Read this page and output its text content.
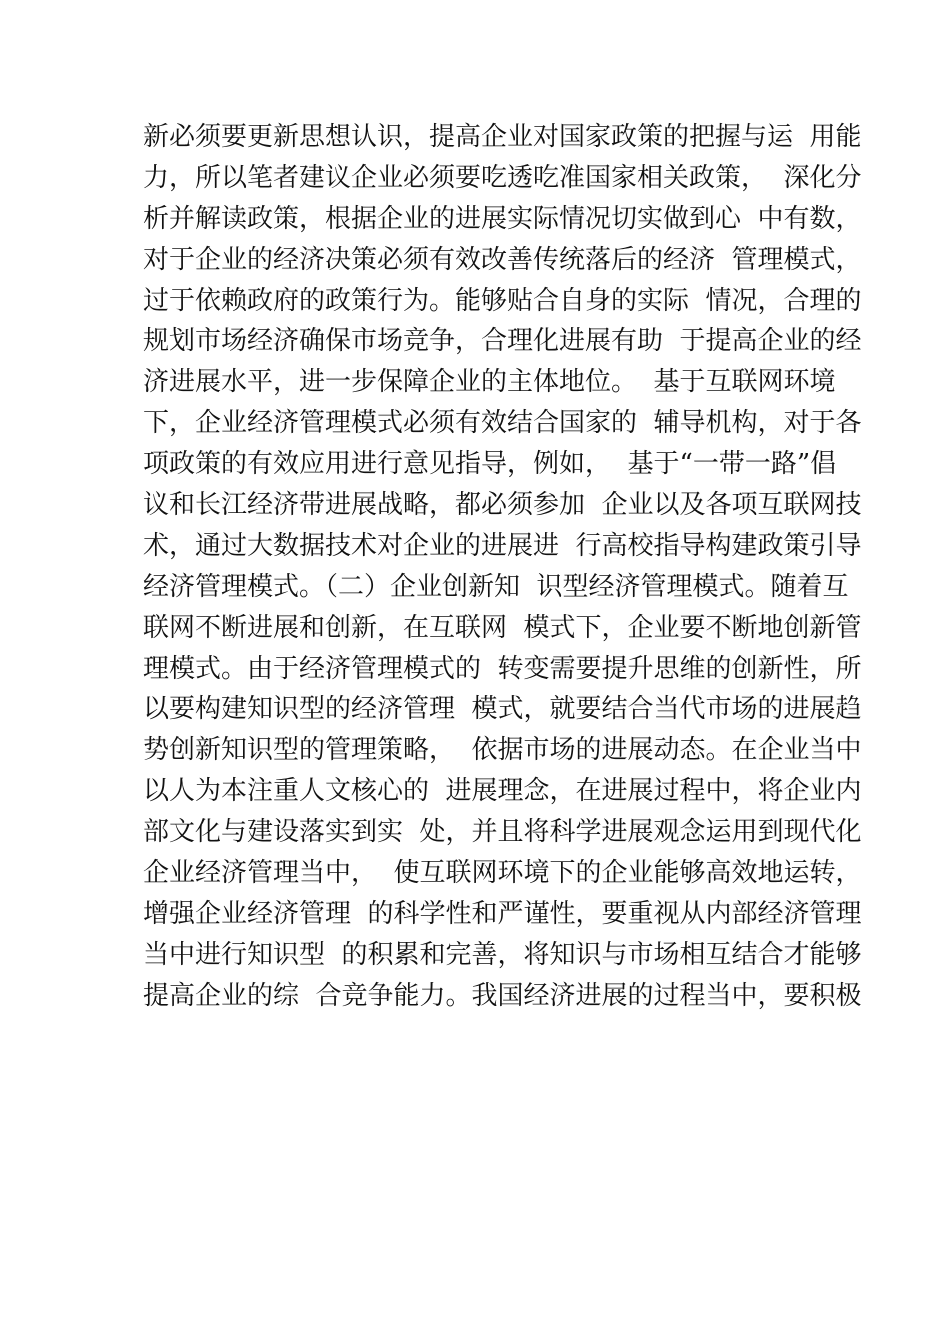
新必须要更新思想认识，提高企业对国家政策的把握与运  用能
力，所以笔者建议企业必须要吃透吃准国家相关政策，  深化分
析并解读政策，根据企业的进展实际情况切实做到心  中有数，
对于企业的经济决策必须有效改善传统落后的经济  管理模式，
过于依赖政府的政策行为。能够贴合自身的实际  情况，合理的
规划市场经济确保市场竞争，合理化进展有助  于提高企业的经
济进展水平，进一步保障企业的主体地位。  基于互联网环境
下，企业经济管理模式必须有效结合国家的  辅导机构，对于各
项政策的有效应用进行意见指导，例如，  基于“一带一路”倡
议和长江经济带进展战略，都必须参加  企业以及各项互联网技
术，通过大数据技术对企业的进展进  行高校指导构建政策引导
经济管理模式。（二）企业创新知  识型经济管理模式。随着互
联网不断进展和创新，在互联网  模式下，企业要不断地创新管
理模式。由于经济管理模式的  转变需要提升思维的创新性，所
以要构建知识型的经济管理  模式，就要结合当代市场的进展趋
势创新知识型的管理策略，  依据市场的进展动态。在企业当中
以人为本注重人文核心的  进展理念，在进展过程中，将企业内
部文化与建设落实到实  处，并且将科学进展观念运用到现代化
企业经济管理当中，  使互联网环境下的企业能够高效地运转，
增强企业经济管理  的科学性和严谨性，要重视从内部经济管理
当中进行知识型  的积累和完善，将知识与市场相互结合才能够
提高企业的综  合竞争能力。我国经济进展的过程当中，要积极
